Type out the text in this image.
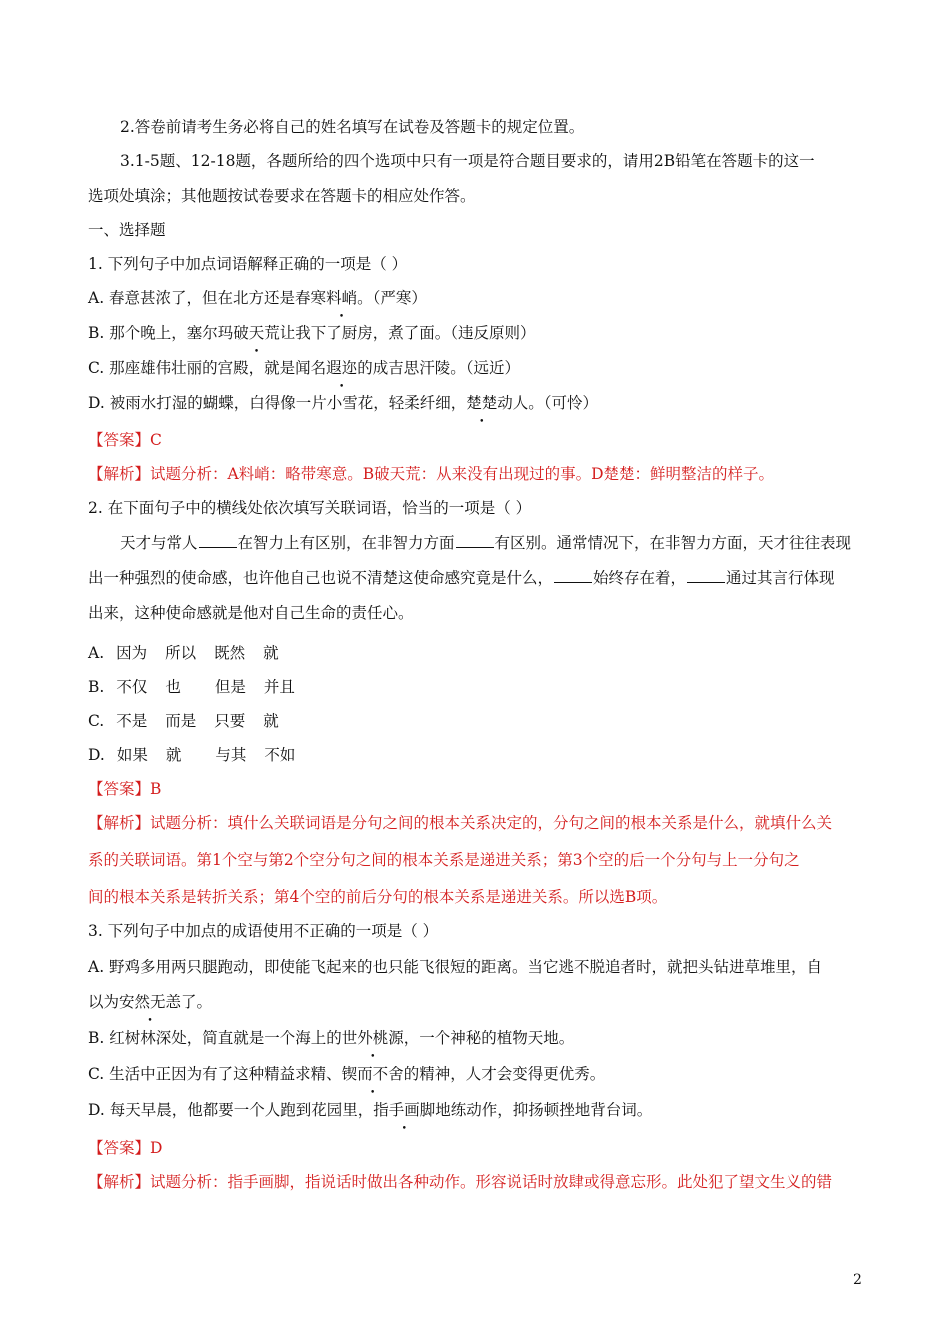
2.答卷前请考生务必将自己的姓名填写在试卷及答题卡的规定位置。
3.1-5题、12-18题，各题所给的四个选项中只有一项是符合题目要求的，请用2B铅笔在答题卡的这一
选项处填涂；其他题按试卷要求在答题卡的相应处作答。
一、选择题
1. 下列句子中加点词语解释正确的一项是（ ）
A. 春意甚浓了，但在北方还是春寒料峭。（严寒）
B. 那个晚上，塞尔玛破天荒让我下了厨房，煮了面。（违反原则）
C. 那座雄伟壮丽的宫殿，就是闻名遐迩的成吉思汗陵。（远近）
D. 被雨水打湿的蝴蝶，白得像一片小雪花，轻柔纤细，楚楚动人。（可怜）
【答案】C
【解析】试题分析：A料峭：略带寒意。B破天荒：从来没有出现过的事。D楚楚：鲜明整洁的样子。
2. 在下面句子中的横线处依次填写关联词语，恰当的一项是（ ）
天才与常人	在智力上有区别，在非智力方面	有区别。通常情况下，在非智力方面，天才往往表现
出一种强烈的使命感，也许他自己也说不清楚这使命感究竟是什么，	始终存在着，	通过其言行体现
出来，这种使命感就是他对自己生命的责任心。
A. 因为 所以 既然 就
B. 不仅 也 但是 并且
C. 不是 而是 只要 就
D. 如果 就 与其 不如
【答案】B
【解析】试题分析：填什么关联词语是分句之间的根本关系决定的，分句之间的根本关系是什么，就填什么关
系的关联词语。第1个空与第2个空分句之间的根本关系是递进关系；第3个空的后一个分句与上一分句之
间的根本关系是转折关系；第4个空的前后分句的根本关系是递进关系。所以选B项。
3. 下列句子中加点的成语使用不正确的一项是（ ）
A. 野鸡多用两只腿跑动，即使能飞起来的也只能飞很短的距离。当它逃不脱追者时，就把头钻进草堆里，自
以为安然无恙了。
B. 红树林深处，简直就是一个海上的世外桃源，一个神秘的植物天地。
C. 生活中正因为有了这种精益求精、锲而不舍的精神，人才会变得更优秀。
D. 每天早晨，他都要一个人跑到花园里，指手画脚地练动作，抑扬顿挫地背台词。
【答案】D
【解析】试题分析：指手画脚，指说话时做出各种动作。形容说话时放肆或得意忘形。此处犯了望文生义的错
2
